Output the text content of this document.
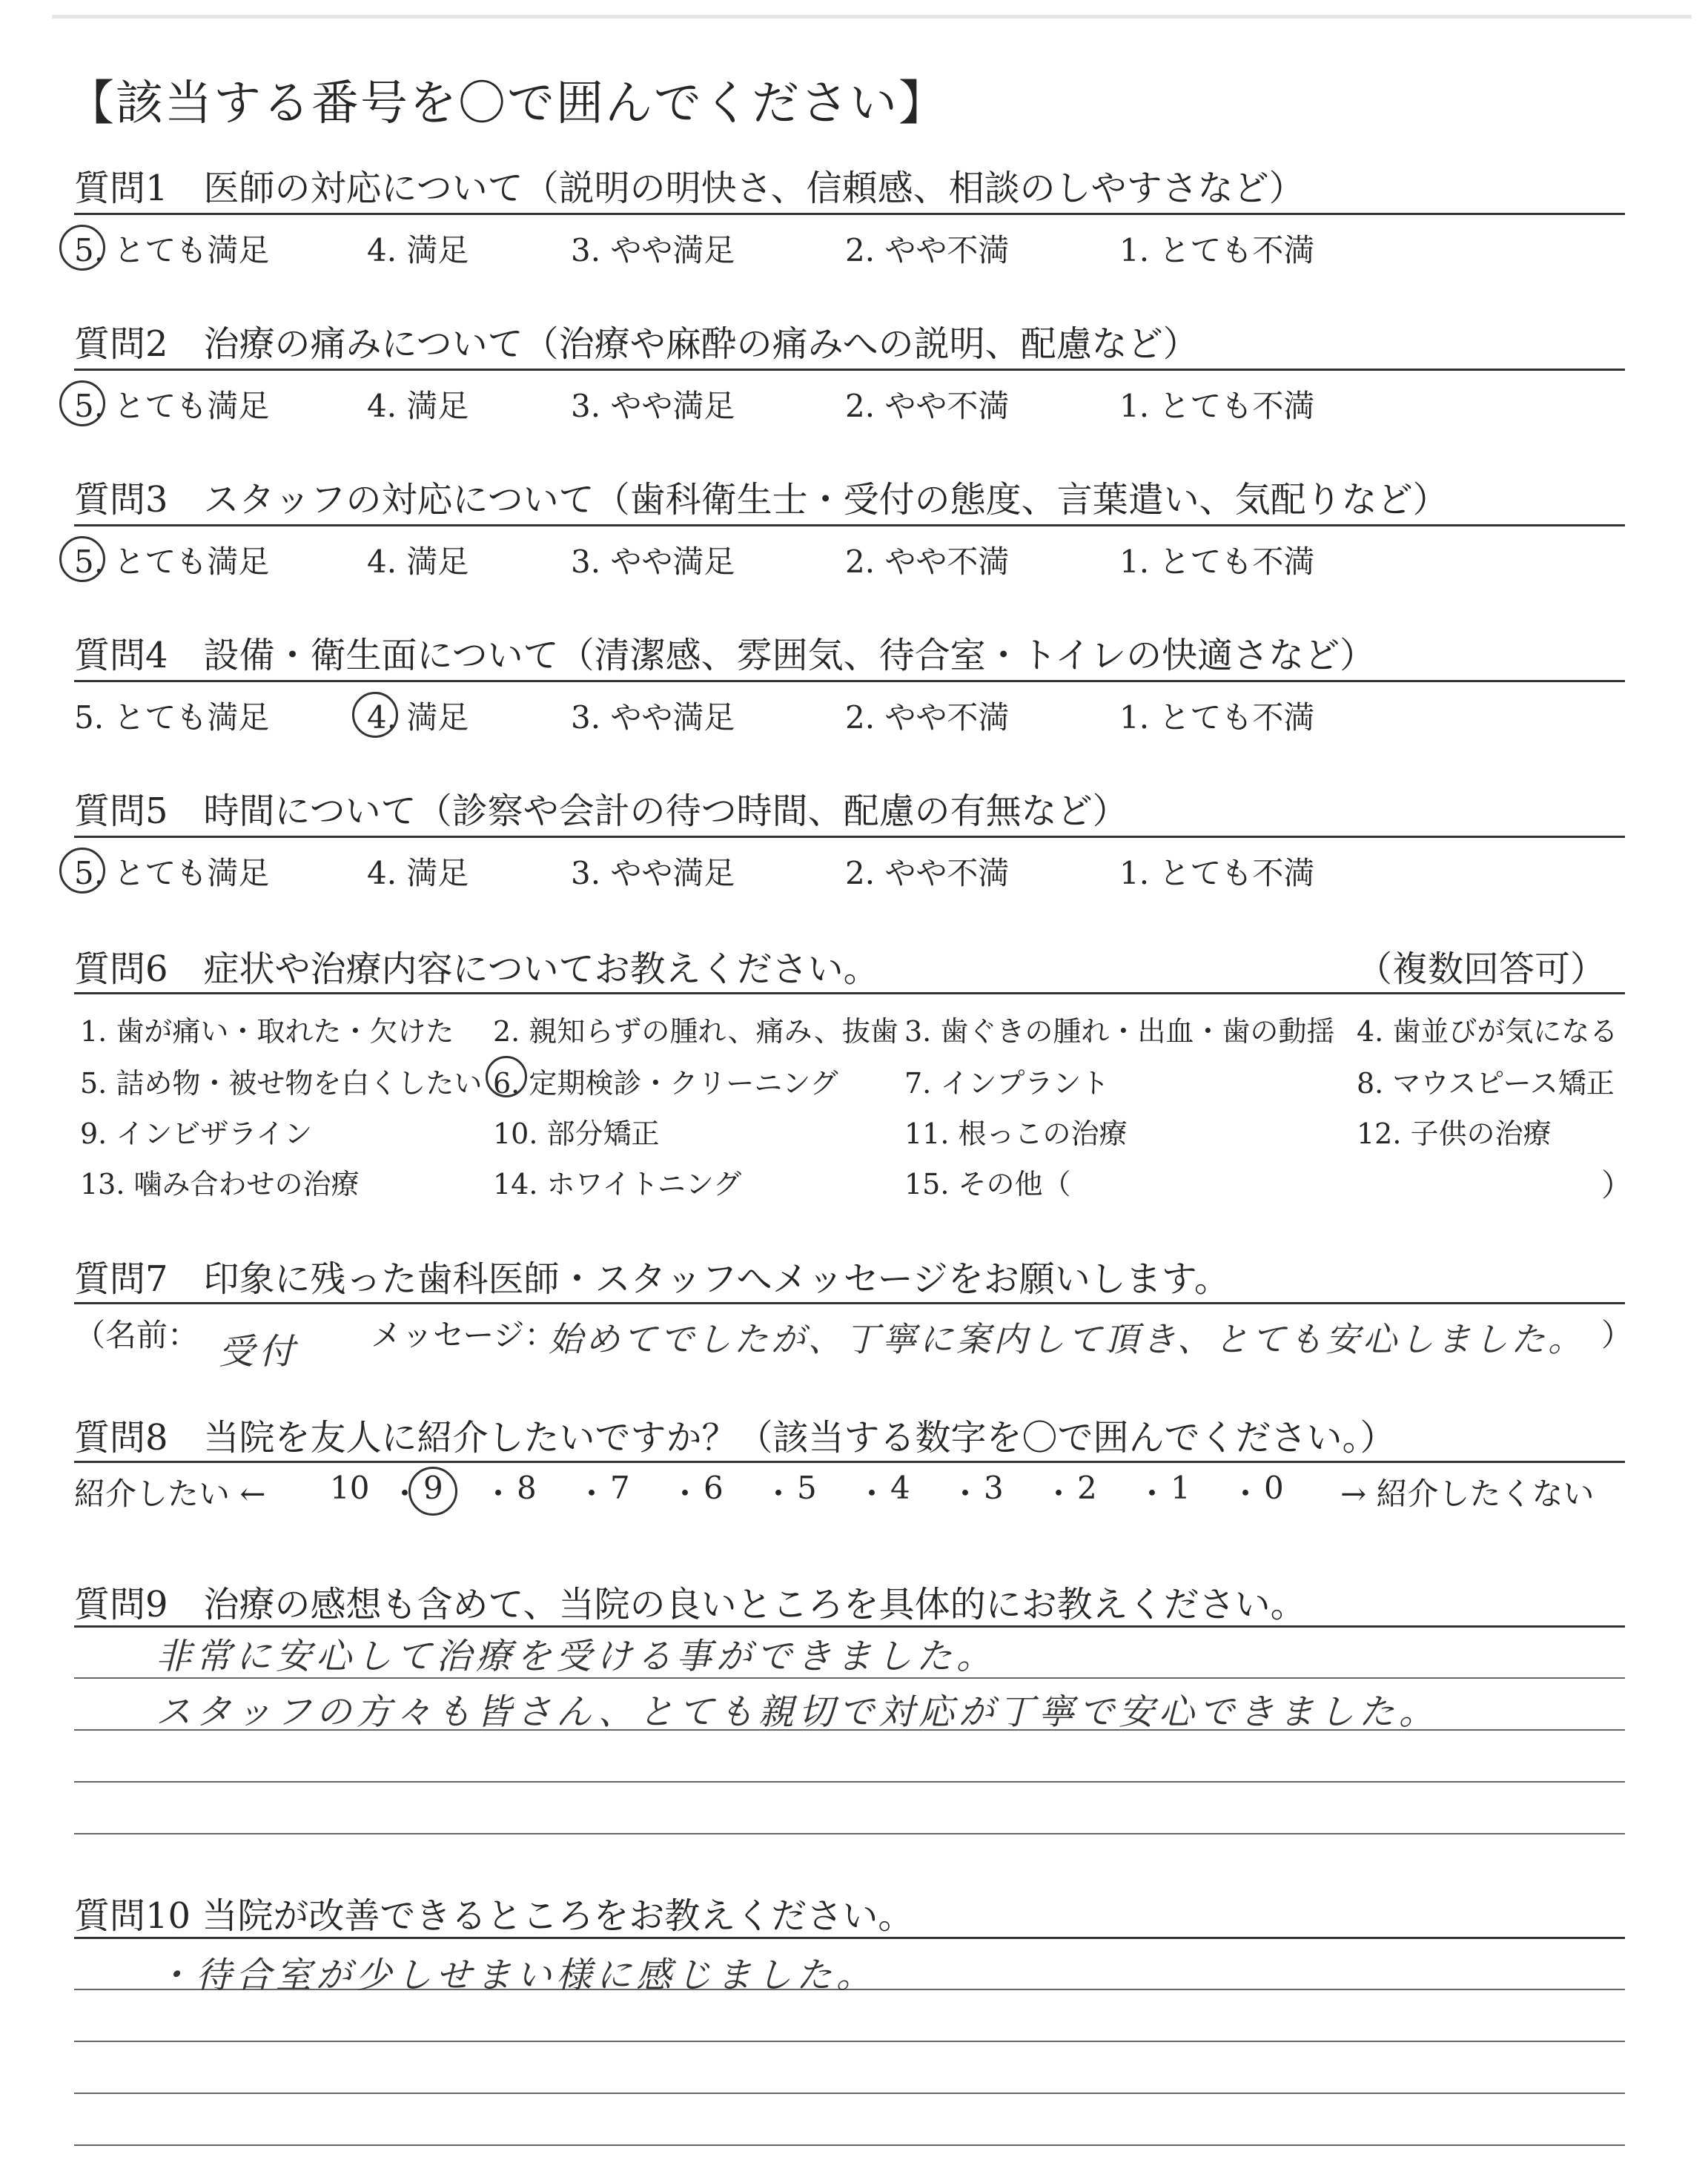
【該当する番号を〇で囲んでください】
質問1　医師の対応について（説明の明快さ、信頼感、相談のしやすさなど）
5. とても満足	4. 満足	3. やや満足	2. やや不満	1. とても不満
質問2　治療の痛みについて（治療や麻酔の痛みへの説明、配慮など）
5. とても満足	4. 満足	3. やや満足	2. やや不満	1. とても不満
質問3　スタッフの対応について（歯科衛生士・受付の態度、言葉遣い、気配りなど）
5. とても満足	4. 満足	3. やや満足	2. やや不満	1. とても不満
質問4　設備・衛生面について（清潔感、雰囲気、待合室・トイレの快適さなど）
5. とても満足	4. 満足	3. やや満足	2. やや不満	1. とても不満
質問5　時間について（診察や会計の待つ時間、配慮の有無など）
5. とても満足	4. 満足	3. やや満足	2. やや不満	1. とても不満
質問6　症状や治療内容についてお教えください。	（複数回答可）
1. 歯が痛い・取れた・欠けた 2. 親知らずの腫れ、痛み、抜歯 3. 歯ぐきの腫れ・出血・歯の動揺 4. 歯並びが気になる
5. 詰め物・被せ物を白くしたい 6. 定期検診・クリーニング 7. インプラント	8. マウスピース矯正
9. インビザライン	10. 部分矯正	11. 根っこの治療	12. 子供の治療
13. 噛み合わせの治療	14. ホワイトニング	15. その他（	）
質問7　印象に残った歯科医師・スタッフへメッセージをお願いします。
（名前： 受付 メッセージ：
始めてでしたが、丁寧に案内して頂き、とても安心しました。 ）
質問8　当院を友人に紹介したいですか？（該当する数字を〇で囲んでください。）
紹介したい ← 10 ・ 9 ・ 8 ・ 7 ・ 6 ・ 5 ・ 4 ・ 3 ・ 2 ・ 1 ・ 0 → 紹介したくない
質問9　治療の感想も含めて、当院の良いところを具体的にお教えください。
非常に安心して治療を受ける事ができました。
スタッフの方々も皆さん、とても親切で対応が丁寧で安心できました。
質問10 当院が改善できるところをお教えください。
・待合室が少しせまい様に感じました。
